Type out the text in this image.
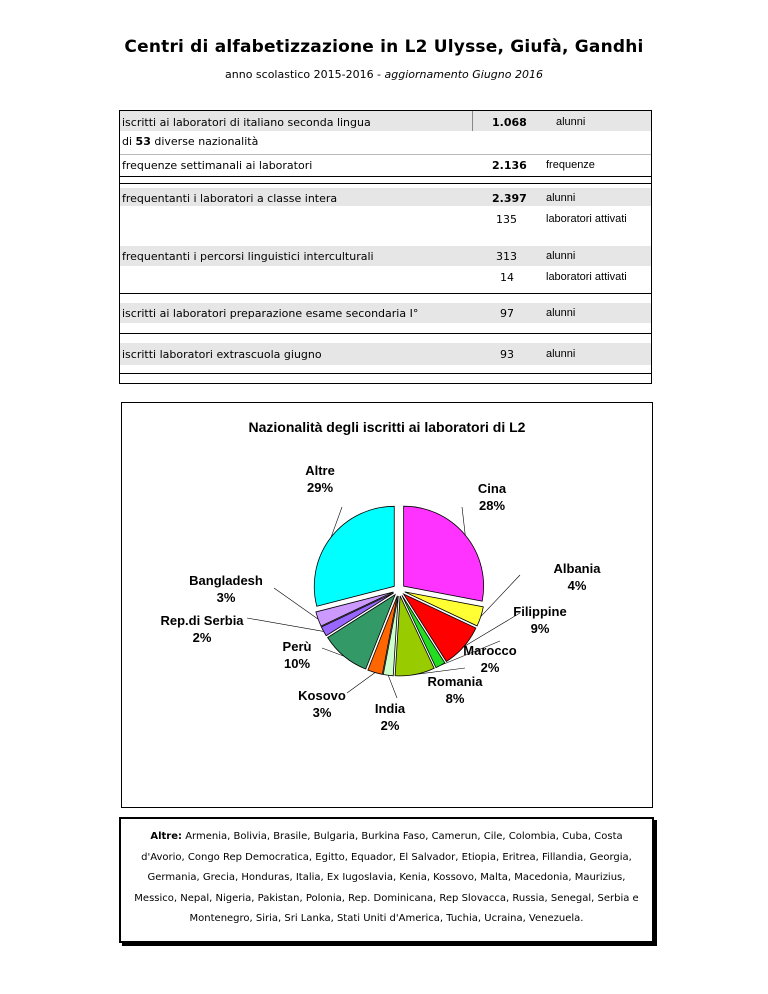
Centri di alfabetizzazione in L2 Ulysse, Giufà, Gandhi
anno scolastico 2015-2016 - aggiornamento Giugno 2016
iscritti ai laboratori di italiano seconda lingua	1.068	alunni
di 53 diverse nazionalità
frequenze settimanali ai laboratori	2.136 frequenze
frequentanti i laboratori a classe intera	2.397 alunni
135	laboratori attivati
frequentanti i percorsi linguistici interculturali	313	alunni
14	laboratori attivati
iscritti ai laboratori preparazione esame secondaria I°	97	alunni
iscritti laboratori extrascuola giugno	93	alunni
Nazionalità degli iscritti ai laboratori di L2
Cina
28%
Albania
4%
Filippine
9%
Marocco
2%
Romania
8%
India
2%
Kosovo
3%
Perù
10%
Rep.di Serbia
2%
Bangladesh
3%
Altre
29%
Altre: Armenia, Bolivia, Brasile, Bulgaria, Burkina Faso, Camerun, Cile, Colombia, Cuba, Costa d'Avorio, Congo Rep Democratica, Egitto, Equador, El Salvador, Etiopia, Eritrea, Fillandia, Georgia, Germania, Grecia, Honduras, Italia, Ex Iugoslavia, Kenia, Kossovo, Malta, Macedonia, Maurizius, Messico, Nepal, Nigeria, Pakistan, Polonia, Rep. Dominicana, Rep Slovacca, Russia, Senegal, Serbia e Montenegro, Siria, Sri Lanka, Stati Uniti d'America, Tuchia, Ucraina, Venezuela.
